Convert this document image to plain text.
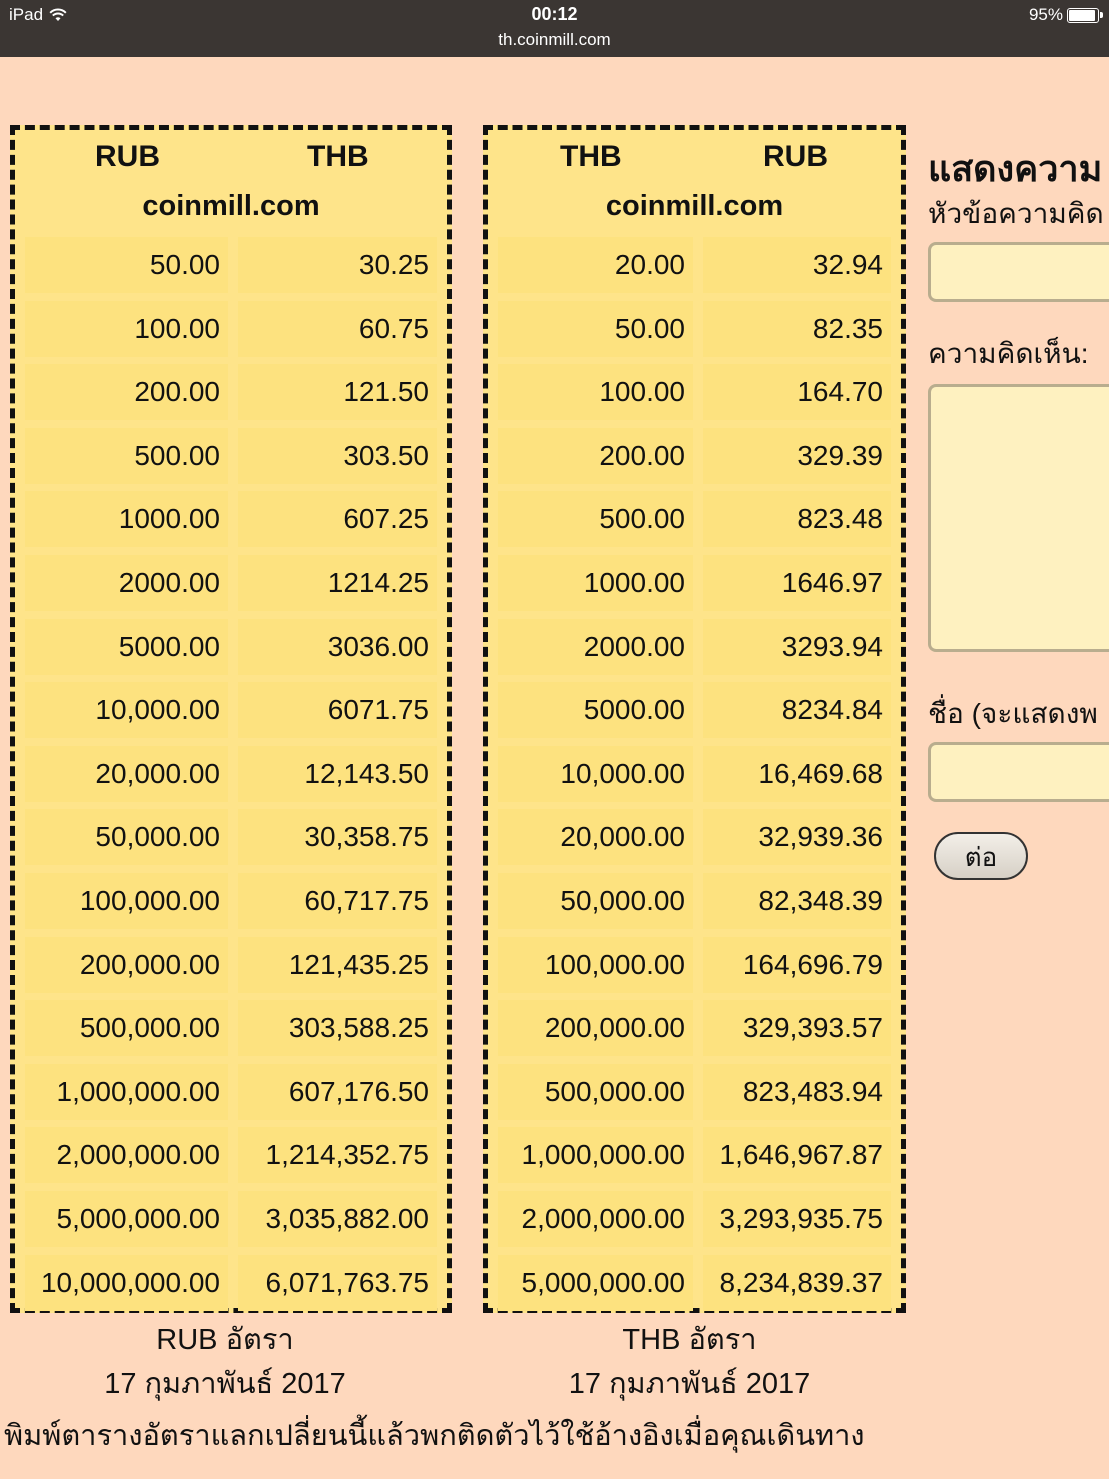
iPad	00:12
th.coinmill.com
95%
RUB	THB
coinmill.com
50.00	30.25
100.00	60.75
200.00	121.50
500.00	303.50
1000.00	607.25
2000.00	1214.25
5000.00	3036.00
10,000.00	6071.75
20,000.00	12,143.50
50,000.00	30,358.75
100,000.00	60,717.75
200,000.00	121,435.25
500,000.00	303,588.25
1,000,000.00	607,176.50
2,000,000.00	1,214,352.75
5,000,000.00	3,035,882.00
10,000,000.00	6,071,763.75
THB	RUB
coinmill.com
20.00	32.94
50.00	82.35
100.00	164.70
200.00	329.39
500.00	823.48
1000.00	1646.97
2000.00	3293.94
5000.00	8234.84
10,000.00	16,469.68
20,000.00	32,939.36
50,000.00	82,348.39
100,000.00	164,696.79
200,000.00	329,393.57
500,000.00	823,483.94
1,000,000.00	1,646,967.87
2,000,000.00	3,293,935.75
5,000,000.00	8,234,839.37
RUB อัตรา
17 กุมภาพันธ์ 2017
THB อัตรา
17 กุมภาพันธ์ 2017
พิมพ์ตารางอัตราแลกเปลี่ยนนี้แล้วพกติดตัวไว้ใช้อ้างอิงเมื่อคุณเดินทาง
แสดงความ
หัวข้อความคิด
ความคิดเห็น:
ชื่อ (จะแสดงพ
ต่อ
